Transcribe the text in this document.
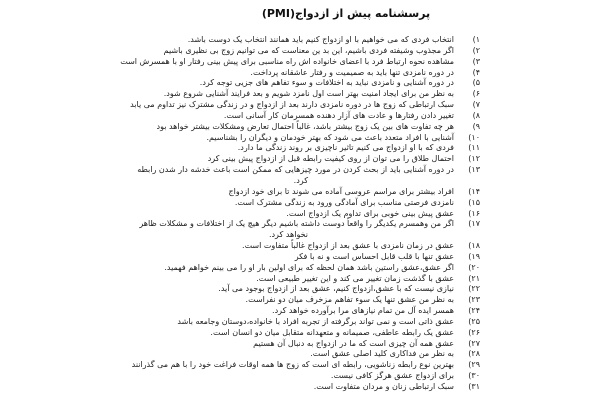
پرسشنامه پیش از ازدواج(PMI)
(۱
انتخاب فردی که می خواهیم با او ازدواج کنیم باید همانند انتخاب یک دوست باشد.
(۲
اگر مجذوب وشیفته فردی باشیم، این بد ین معناست که می توانیم زوج بی نظیری باشیم
(۳
مشاهده نحوه ارتباط فرد با اعضای خانواده اش راه مناسبی برای پیش بینی رفتار او با همسرش است
(۴
در دوره نامزدی تنها باید به صمیمیت و رفتار عاشقانه پرداخت.
(۵
در دوره آشنایی و نامزدی نباید به اختلافات و سوء تفاهم های جزیی توجه کرد.
(۶
به نظر من برای ایجاد امنیت بهتر است اول نامزد شویم و بعد فرایند آشنایی شروع شود.
(۷
سبک ارتباطی که زوج ها در دوره نامزدی دارند بعد از ازدواج و در زندگی مشترک نیز تداوم می یابد
(۸
تغییر دادن رفتارها و عادت های آزار دهنده همسرمان کار آسانی است.
(۹
هر چه تفاوت های بین یک زوج بیشتر باشد، غالباً احتمال تعارض ومشکلات بیشتر خواهد بود
(۱۰
آشنایی با افراد متعدد باعث می شود که بهتر خودمان و دیگران را بشناسیم.
(۱۱
فردی که با او ازدواج می کنیم تاثیر ناچیزی بر روند زندگی ما دارد.
(۱۲
احتمال طلاق را می توان از روی کیفیت رابطه قبل از ازدواج پیش بینی کرد
(۱۳
در دوره آشنایی باید از بحث کردن در مورد چیزهایی که ممکن است باعث خدشه دار شدن رابطه
کرد.
(۱۴
افراد بیشتر برای مراسم عروسی آماده می شوند تا برای خود ازدواج
(۱۵
نامزدی فرصتی مناسب برای آمادگی ورود به زندگی مشترک است.
(۱۶
عشق پیش بینی خوبی برای تداوم یک ازدواج است.
(۱۷
اگر من وهمسرم یکدیگر را واقعاً دوست داشته باشیم دیگر هیچ یک از اختلافات و مشکلات ظاهر
نخواهد کرد.
(۱۸
عشق در زمان نامزدی با عشق بعد از ازدواج غالباً متفاوت است.
(۱۹
عشق تنها با قلب قابل احساس است و نه با فکر
(۲۰
اگر عشق،عشق راستین باشد همان لحظه که برای اولین بار او را می بینم خواهم فهمید.
(۲۱
عشق با گذشت زمان تغییر می کند و این تغییر طبیعی است.
(۲۲
نیازی نیست که با عشق،ازدواج کنیم، عشق بعد از ازدواج بوجود می آید.
(۲۳
به نظر من عشق تنها یک سوء تفاهم مزخرف میان دو نفراست.
(۲۴
همسر ایده آل من تمام نیازهای مرا برآورده خواهد کرد.
(۲۵
عشق ذاتی است و نمی تواند برگرفته از تجربه افراد با خانواده،دوستان وجامعه باشد
(۲۶
عشق یک رابطه عاطفی، صمیمانه و متعهدانه متقابل میان دو انسان است.
(۲۷
عشق همه آن چیزی است که ما در ازدواج به دنبال آن هستیم
(۲۸
به نظر من فداکاری کلید اصلی عشق است.
(۲۹
بهترین نوع رابطه زناشویی، رابطه ای است که زوج ها همه اوقات فراغت خود را با هم می گذرانند
(۳۰
برای ازدواج عشق هرگز کافی نیست.
(۳۱
سبک ارتباطی زنان و مردان متفاوت است.
